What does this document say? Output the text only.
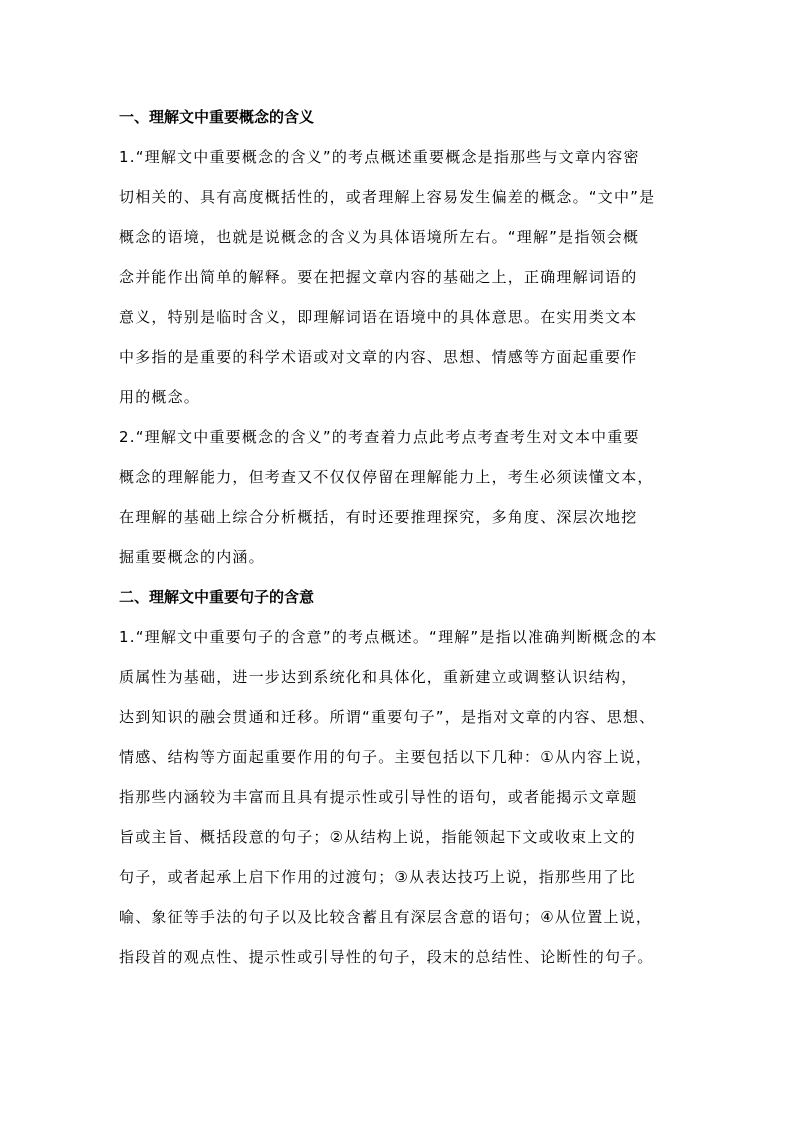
一、理解文中重要概念的含义
1.“理解文中重要概念的含义”的考点概述重要概念是指那些与文章内容密
切相关的、具有高度概括性的，或者理解上容易发生偏差的概念。“文中”是
概念的语境，也就是说概念的含义为具体语境所左右。“理解”是指领会概
念并能作出简单的解释。要在把握文章内容的基础之上，正确理解词语的
意义，特别是临时含义，即理解词语在语境中的具体意思。在实用类文本
中多指的是重要的科学术语或对文章的内容、思想、情感等方面起重要作
用的概念。
2.“理解文中重要概念的含义”的考查着力点此考点考查考生对文本中重要
概念的理解能力，但考查又不仅仅停留在理解能力上，考生必须读懂文本，
在理解的基础上综合分析概括，有时还要推理探究，多角度、深层次地挖
掘重要概念的内涵。
二、理解文中重要句子的含意
1.“理解文中重要句子的含意”的考点概述。“理解”是指以准确判断概念的本
质属性为基础，进一步达到系统化和具体化，重新建立或调整认识结构，
达到知识的融会贯通和迁移。所谓“重要句子”，是指对文章的内容、思想、
情感、结构等方面起重要作用的句子。主要包括以下几种：①从内容上说，
指那些内涵较为丰富而且具有提示性或引导性的语句，或者能揭示文章题
旨或主旨、概括段意的句子；②从结构上说，指能领起下文或收束上文的
句子，或者起承上启下作用的过渡句；③从表达技巧上说，指那些用了比
喻、象征等手法的句子以及比较含蓄且有深层含意的语句；④从位置上说，
指段首的观点性、提示性或引导性的句子，段末的总结性、论断性的句子。
